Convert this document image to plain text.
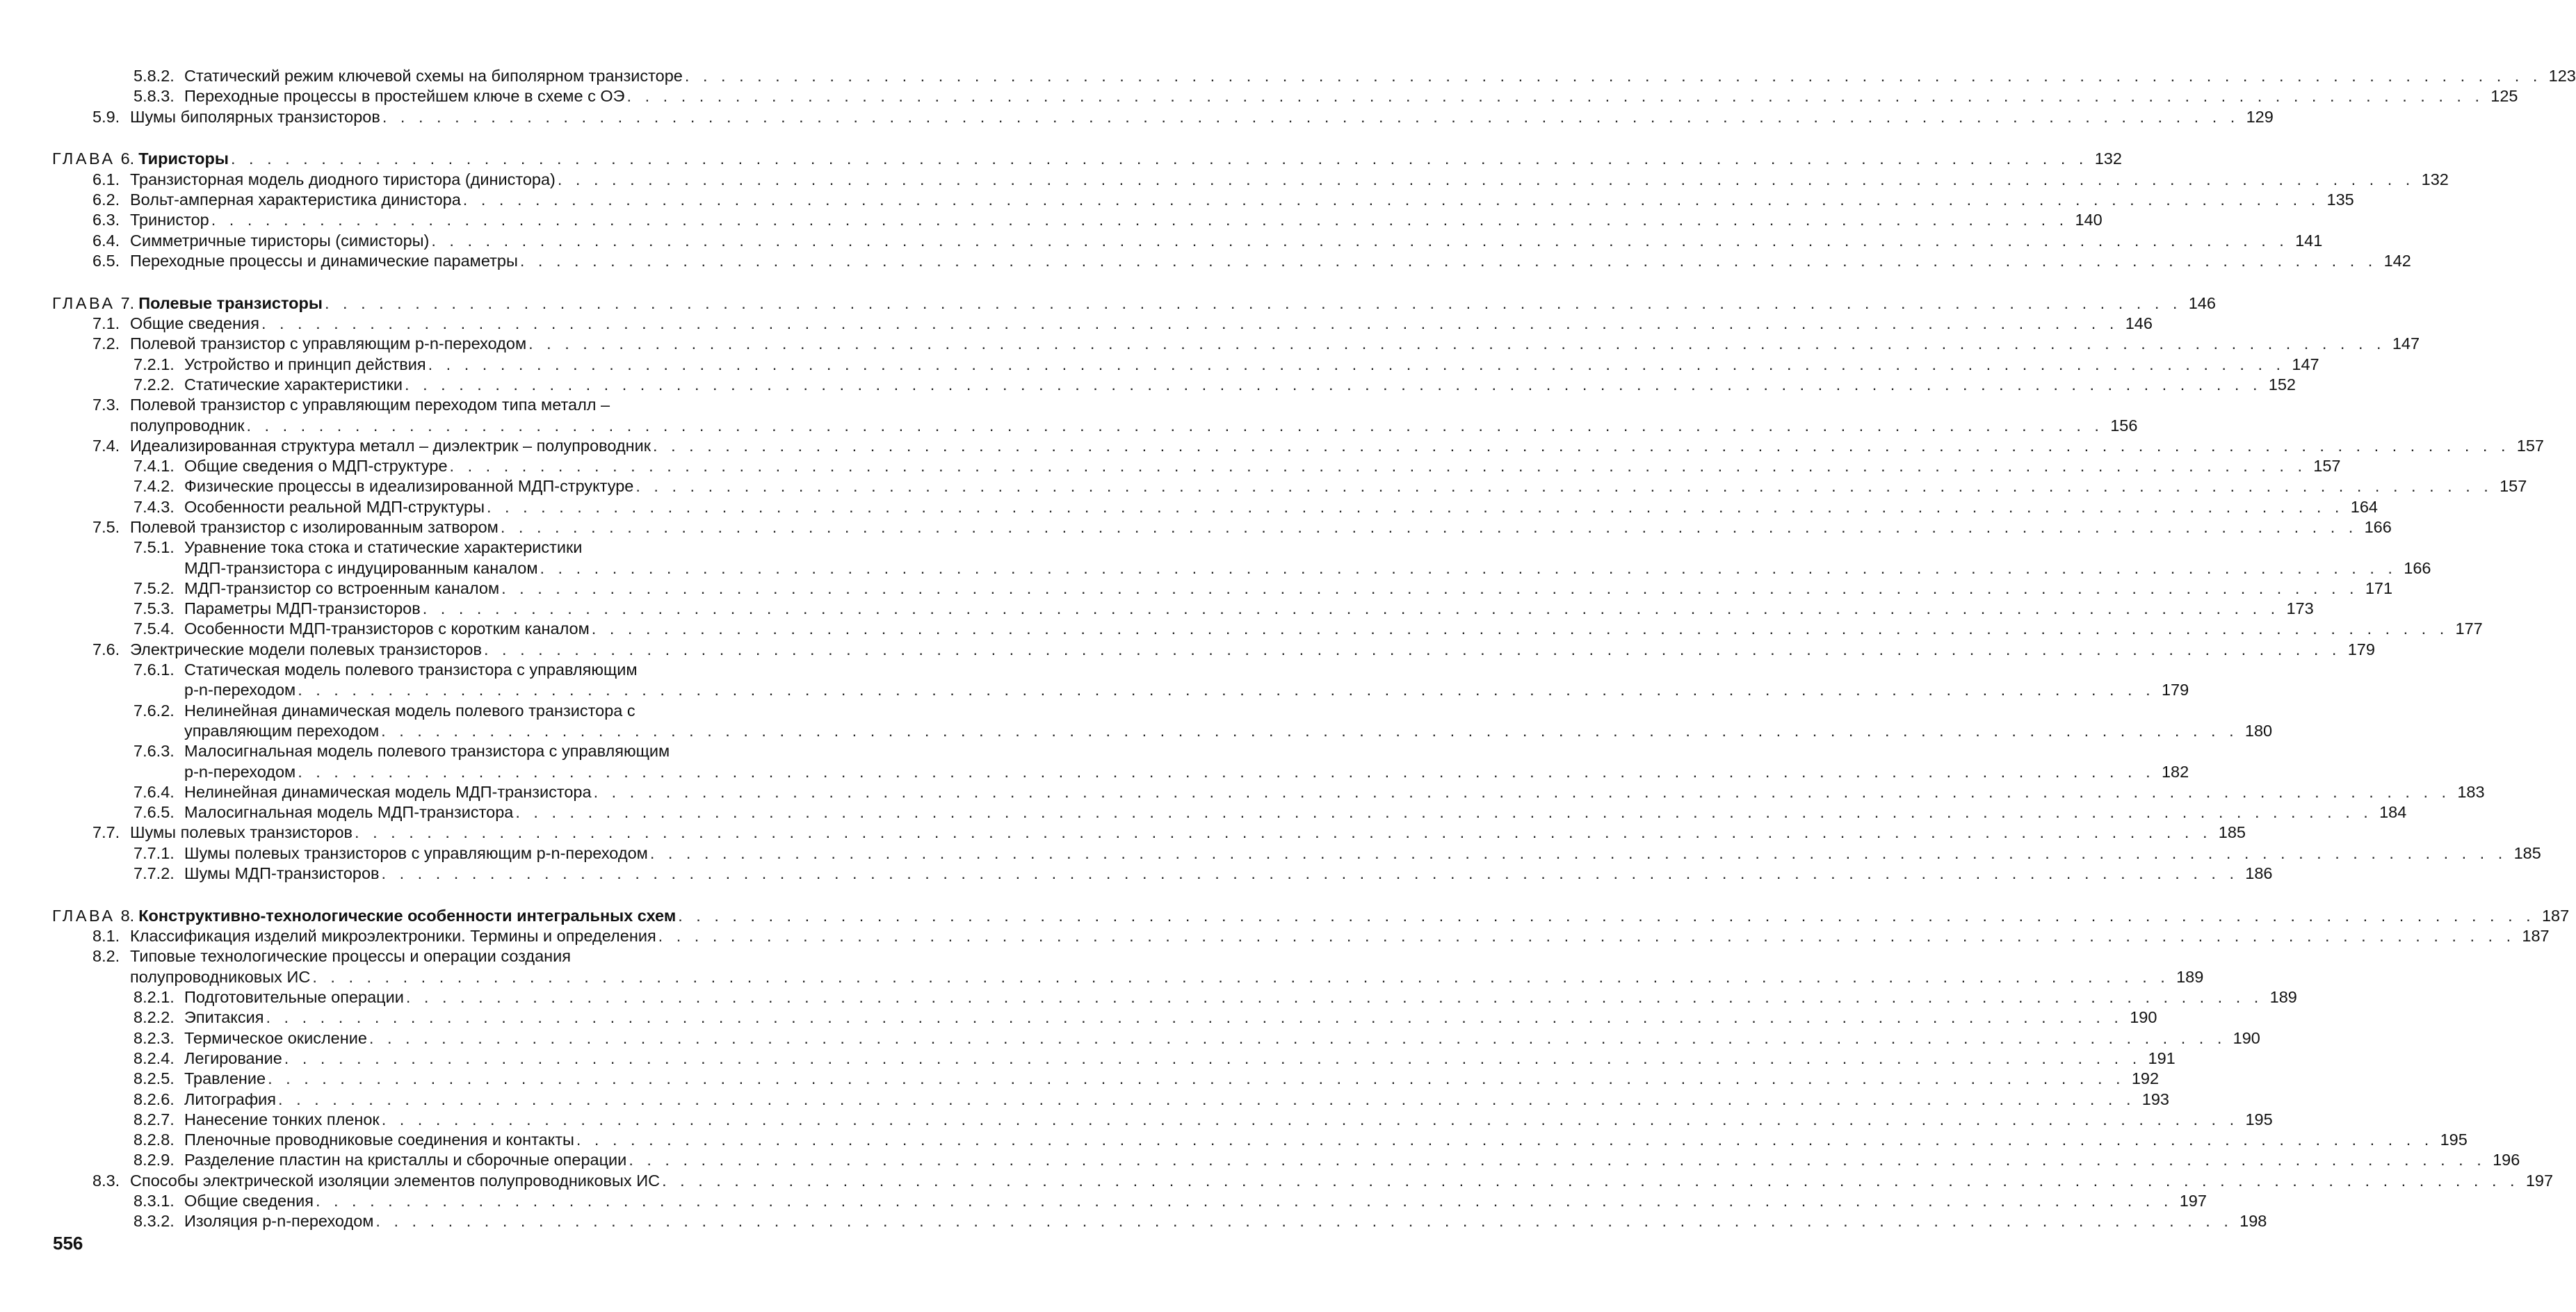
5.8.2. Статический режим ключевой схемы на биполярном транзисторе . . . . . . . . . . . . . . . . . . . . . . . . . . . . . . . . . . . . . . . . . . . . . . . . . . . . . . . . . . . . . . . . . . . . . . . . . . . . . . . . . . . . . . . . . . . . . . . . . . . . . . . 123
5.8.3. Переходные процессы в простейшем ключе в схеме с ОЭ . . . . . . . . . . . . . . . . . . . . . . . . . . . . . . . . . . . . . . . . . . . . . . . . . . . . . . . . . . . . . . . . . . . . . . . . . . . . . . . . . . . . . . . . . . . . . . . . . . . . . . . 125
5.9. Шумы биполярных транзисторов . . . . . . . . . . . . . . . . . . . . . . . . . . . . . . . . . . . . . . . . . . . . . . . . . . . . . . . . . . . . . . . . . . . . . . . . . . . . . . . . . . . . . . . . . . . . . . . . . . . . . . . 129
ГЛАВА 6. Тиристоры . . . . . . . . . . . . . . . . . . . . . . . . . . . . . . . . . . . . . . . . . . . . . . . . . . . . . . . . . . . . . . . . . . . . . . . . . . . . . . . . . . . . . . . . . . . . . . . . . . . . . . . 132
6.1. Транзисторная модель диодного тиристора (динистора) . . . . . . . . . . . . . . . . . . . . . . . . . . . . . . . . . . . . . . . . . . . . . . . . . . . . . . . . . . . . . . . . . . . . . . . . . . . . . . . . . . . . . . . . . . . . . . . . . . . . . . . 132
6.2. Вольт-амперная характеристика динистора . . . . . . . . . . . . . . . . . . . . . . . . . . . . . . . . . . . . . . . . . . . . . . . . . . . . . . . . . . . . . . . . . . . . . . . . . . . . . . . . . . . . . . . . . . . . . . . . . . . . . . . 135
6.3. Тринистор . . . . . . . . . . . . . . . . . . . . . . . . . . . . . . . . . . . . . . . . . . . . . . . . . . . . . . . . . . . . . . . . . . . . . . . . . . . . . . . . . . . . . . . . . . . . . . . . . . . . . . . 140
6.4. Симметричные тиристоры (симисторы) . . . . . . . . . . . . . . . . . . . . . . . . . . . . . . . . . . . . . . . . . . . . . . . . . . . . . . . . . . . . . . . . . . . . . . . . . . . . . . . . . . . . . . . . . . . . . . . . . . . . . . . 141
6.5. Переходные процессы и динамические параметры . . . . . . . . . . . . . . . . . . . . . . . . . . . . . . . . . . . . . . . . . . . . . . . . . . . . . . . . . . . . . . . . . . . . . . . . . . . . . . . . . . . . . . . . . . . . . . . . . . . . . . . 142
ГЛАВА 7. Полевые транзисторы . . . . . . . . . . . . . . . . . . . . . . . . . . . . . . . . . . . . . . . . . . . . . . . . . . . . . . . . . . . . . . . . . . . . . . . . . . . . . . . . . . . . . . . . . . . . . . . . . . . . . . . 146
7.1. Общие сведения . . . . . . . . . . . . . . . . . . . . . . . . . . . . . . . . . . . . . . . . . . . . . . . . . . . . . . . . . . . . . . . . . . . . . . . . . . . . . . . . . . . . . . . . . . . . . . . . . . . . . . . 146
7.2. Полевой транзистор с управляющим p-n-переходом . . . . . . . . . . . . . . . . . . . . . . . . . . . . . . . . . . . . . . . . . . . . . . . . . . . . . . . . . . . . . . . . . . . . . . . . . . . . . . . . . . . . . . . . . . . . . . . . . . . . . . . 147
7.2.1. Устройство и принцип действия . . . . . . . . . . . . . . . . . . . . . . . . . . . . . . . . . . . . . . . . . . . . . . . . . . . . . . . . . . . . . . . . . . . . . . . . . . . . . . . . . . . . . . . . . . . . . . . . . . . . . . . 147
7.2.2. Статические характеристики . . . . . . . . . . . . . . . . . . . . . . . . . . . . . . . . . . . . . . . . . . . . . . . . . . . . . . . . . . . . . . . . . . . . . . . . . . . . . . . . . . . . . . . . . . . . . . . . . . . . . . . 152
7.3. Полевой транзистор с управляющим переходом типа металл –
полупроводник . . . . . . . . . . . . . . . . . . . . . . . . . . . . . . . . . . . . . . . . . . . . . . . . . . . . . . . . . . . . . . . . . . . . . . . . . . . . . . . . . . . . . . . . . . . . . . . . . . . . . . . 156
7.4. Идеализированная структура металл – диэлектрик – полупроводник . . . . . . . . . . . . . . . . . . . . . . . . . . . . . . . . . . . . . . . . . . . . . . . . . . . . . . . . . . . . . . . . . . . . . . . . . . . . . . . . . . . . . . . . . . . . . . . . . . . . . . . 157
7.4.1. Общие сведения о МДП-структуре . . . . . . . . . . . . . . . . . . . . . . . . . . . . . . . . . . . . . . . . . . . . . . . . . . . . . . . . . . . . . . . . . . . . . . . . . . . . . . . . . . . . . . . . . . . . . . . . . . . . . . . 157
7.4.2. Физические процессы в идеализированной МДП-структуре . . . . . . . . . . . . . . . . . . . . . . . . . . . . . . . . . . . . . . . . . . . . . . . . . . . . . . . . . . . . . . . . . . . . . . . . . . . . . . . . . . . . . . . . . . . . . . . . . . . . . . . 157
7.4.3. Особенности реальной МДП-структуры . . . . . . . . . . . . . . . . . . . . . . . . . . . . . . . . . . . . . . . . . . . . . . . . . . . . . . . . . . . . . . . . . . . . . . . . . . . . . . . . . . . . . . . . . . . . . . . . . . . . . . . 164
7.5. Полевой транзистор с изолированным затвором . . . . . . . . . . . . . . . . . . . . . . . . . . . . . . . . . . . . . . . . . . . . . . . . . . . . . . . . . . . . . . . . . . . . . . . . . . . . . . . . . . . . . . . . . . . . . . . . . . . . . . . 166
7.5.1. Уравнение тока стока и статические характеристики
МДП-транзистора с индуцированным каналом . . . . . . . . . . . . . . . . . . . . . . . . . . . . . . . . . . . . . . . . . . . . . . . . . . . . . . . . . . . . . . . . . . . . . . . . . . . . . . . . . . . . . . . . . . . . . . . . . . . . . . . 166
7.5.2. МДП-транзистор со встроенным каналом . . . . . . . . . . . . . . . . . . . . . . . . . . . . . . . . . . . . . . . . . . . . . . . . . . . . . . . . . . . . . . . . . . . . . . . . . . . . . . . . . . . . . . . . . . . . . . . . . . . . . . . 171
7.5.3. Параметры МДП-транзисторов . . . . . . . . . . . . . . . . . . . . . . . . . . . . . . . . . . . . . . . . . . . . . . . . . . . . . . . . . . . . . . . . . . . . . . . . . . . . . . . . . . . . . . . . . . . . . . . . . . . . . . . 173
7.5.4. Особенности МДП-транзисторов с коротким каналом . . . . . . . . . . . . . . . . . . . . . . . . . . . . . . . . . . . . . . . . . . . . . . . . . . . . . . . . . . . . . . . . . . . . . . . . . . . . . . . . . . . . . . . . . . . . . . . . . . . . . . . 177
7.6. Электрические модели полевых транзисторов . . . . . . . . . . . . . . . . . . . . . . . . . . . . . . . . . . . . . . . . . . . . . . . . . . . . . . . . . . . . . . . . . . . . . . . . . . . . . . . . . . . . . . . . . . . . . . . . . . . . . . . 179
7.6.1. Статическая модель полевого транзистора с управляющим
p-n-переходом . . . . . . . . . . . . . . . . . . . . . . . . . . . . . . . . . . . . . . . . . . . . . . . . . . . . . . . . . . . . . . . . . . . . . . . . . . . . . . . . . . . . . . . . . . . . . . . . . . . . . . . 179
7.6.2. Нелинейная динамическая модель полевого транзистора с
управляющим переходом . . . . . . . . . . . . . . . . . . . . . . . . . . . . . . . . . . . . . . . . . . . . . . . . . . . . . . . . . . . . . . . . . . . . . . . . . . . . . . . . . . . . . . . . . . . . . . . . . . . . . . . 180
7.6.3. Малосигнальная модель полевого транзистора с управляющим
p-n-переходом . . . . . . . . . . . . . . . . . . . . . . . . . . . . . . . . . . . . . . . . . . . . . . . . . . . . . . . . . . . . . . . . . . . . . . . . . . . . . . . . . . . . . . . . . . . . . . . . . . . . . . . 182
7.6.4. Нелинейная динамическая модель МДП-транзистора . . . . . . . . . . . . . . . . . . . . . . . . . . . . . . . . . . . . . . . . . . . . . . . . . . . . . . . . . . . . . . . . . . . . . . . . . . . . . . . . . . . . . . . . . . . . . . . . . . . . . . . 183
7.6.5. Малосигнальная модель МДП-транзистора . . . . . . . . . . . . . . . . . . . . . . . . . . . . . . . . . . . . . . . . . . . . . . . . . . . . . . . . . . . . . . . . . . . . . . . . . . . . . . . . . . . . . . . . . . . . . . . . . . . . . . . 184
7.7. Шумы полевых транзисторов . . . . . . . . . . . . . . . . . . . . . . . . . . . . . . . . . . . . . . . . . . . . . . . . . . . . . . . . . . . . . . . . . . . . . . . . . . . . . . . . . . . . . . . . . . . . . . . . . . . . . . . 185
7.7.1. Шумы полевых транзисторов с управляющим p-n-переходом . . . . . . . . . . . . . . . . . . . . . . . . . . . . . . . . . . . . . . . . . . . . . . . . . . . . . . . . . . . . . . . . . . . . . . . . . . . . . . . . . . . . . . . . . . . . . . . . . . . . . . . 185
7.7.2. Шумы МДП-транзисторов . . . . . . . . . . . . . . . . . . . . . . . . . . . . . . . . . . . . . . . . . . . . . . . . . . . . . . . . . . . . . . . . . . . . . . . . . . . . . . . . . . . . . . . . . . . . . . . . . . . . . . . 186
ГЛАВА 8. Конструктивно-технологические особенности интегральных схем . . . . . . . . . . . . . . . . . . . . . . . . . . . . . . . . . . . . . . . . . . . . . . . . . . . . . . . . . . . . . . . . . . . . . . . . . . . . . . . . . . . . . . . . . . . . . . . . . . . . . . . 187
8.1. Классификация изделий микроэлектроники. Термины и определения . . . . . . . . . . . . . . . . . . . . . . . . . . . . . . . . . . . . . . . . . . . . . . . . . . . . . . . . . . . . . . . . . . . . . . . . . . . . . . . . . . . . . . . . . . . . . . . . . . . . . . . 187
8.2. Типовые технологические процессы и операции создания
полупроводниковых ИС . . . . . . . . . . . . . . . . . . . . . . . . . . . . . . . . . . . . . . . . . . . . . . . . . . . . . . . . . . . . . . . . . . . . . . . . . . . . . . . . . . . . . . . . . . . . . . . . . . . . . . . 189
8.2.1. Подготовительные операции . . . . . . . . . . . . . . . . . . . . . . . . . . . . . . . . . . . . . . . . . . . . . . . . . . . . . . . . . . . . . . . . . . . . . . . . . . . . . . . . . . . . . . . . . . . . . . . . . . . . . . . 189
8.2.2. Эпитаксия . . . . . . . . . . . . . . . . . . . . . . . . . . . . . . . . . . . . . . . . . . . . . . . . . . . . . . . . . . . . . . . . . . . . . . . . . . . . . . . . . . . . . . . . . . . . . . . . . . . . . . . 190
8.2.3. Термическое окисление . . . . . . . . . . . . . . . . . . . . . . . . . . . . . . . . . . . . . . . . . . . . . . . . . . . . . . . . . . . . . . . . . . . . . . . . . . . . . . . . . . . . . . . . . . . . . . . . . . . . . . . 190
8.2.4. Легирование . . . . . . . . . . . . . . . . . . . . . . . . . . . . . . . . . . . . . . . . . . . . . . . . . . . . . . . . . . . . . . . . . . . . . . . . . . . . . . . . . . . . . . . . . . . . . . . . . . . . . . . 191
8.2.5. Травление . . . . . . . . . . . . . . . . . . . . . . . . . . . . . . . . . . . . . . . . . . . . . . . . . . . . . . . . . . . . . . . . . . . . . . . . . . . . . . . . . . . . . . . . . . . . . . . . . . . . . . . 192
8.2.6. Литография . . . . . . . . . . . . . . . . . . . . . . . . . . . . . . . . . . . . . . . . . . . . . . . . . . . . . . . . . . . . . . . . . . . . . . . . . . . . . . . . . . . . . . . . . . . . . . . . . . . . . . . 193
8.2.7. Нанесение тонких пленок . . . . . . . . . . . . . . . . . . . . . . . . . . . . . . . . . . . . . . . . . . . . . . . . . . . . . . . . . . . . . . . . . . . . . . . . . . . . . . . . . . . . . . . . . . . . . . . . . . . . . . . 195
8.2.8. Пленочные проводниковые соединения и контакты . . . . . . . . . . . . . . . . . . . . . . . . . . . . . . . . . . . . . . . . . . . . . . . . . . . . . . . . . . . . . . . . . . . . . . . . . . . . . . . . . . . . . . . . . . . . . . . . . . . . . . . 195
8.2.9. Разделение пластин на кристаллы и сборочные операции . . . . . . . . . . . . . . . . . . . . . . . . . . . . . . . . . . . . . . . . . . . . . . . . . . . . . . . . . . . . . . . . . . . . . . . . . . . . . . . . . . . . . . . . . . . . . . . . . . . . . . . 196
8.3. Способы электрической изоляции элементов полупроводниковых ИС . . . . . . . . . . . . . . . . . . . . . . . . . . . . . . . . . . . . . . . . . . . . . . . . . . . . . . . . . . . . . . . . . . . . . . . . . . . . . . . . . . . . . . . . . . . . . . . . . . . . . . . 197
8.3.1. Общие сведения . . . . . . . . . . . . . . . . . . . . . . . . . . . . . . . . . . . . . . . . . . . . . . . . . . . . . . . . . . . . . . . . . . . . . . . . . . . . . . . . . . . . . . . . . . . . . . . . . . . . . . . 197
8.3.2. Изоляция p-n-переходом . . . . . . . . . . . . . . . . . . . . . . . . . . . . . . . . . . . . . . . . . . . . . . . . . . . . . . . . . . . . . . . . . . . . . . . . . . . . . . . . . . . . . . . . . . . . . . . . . . . . . . . 198
556
